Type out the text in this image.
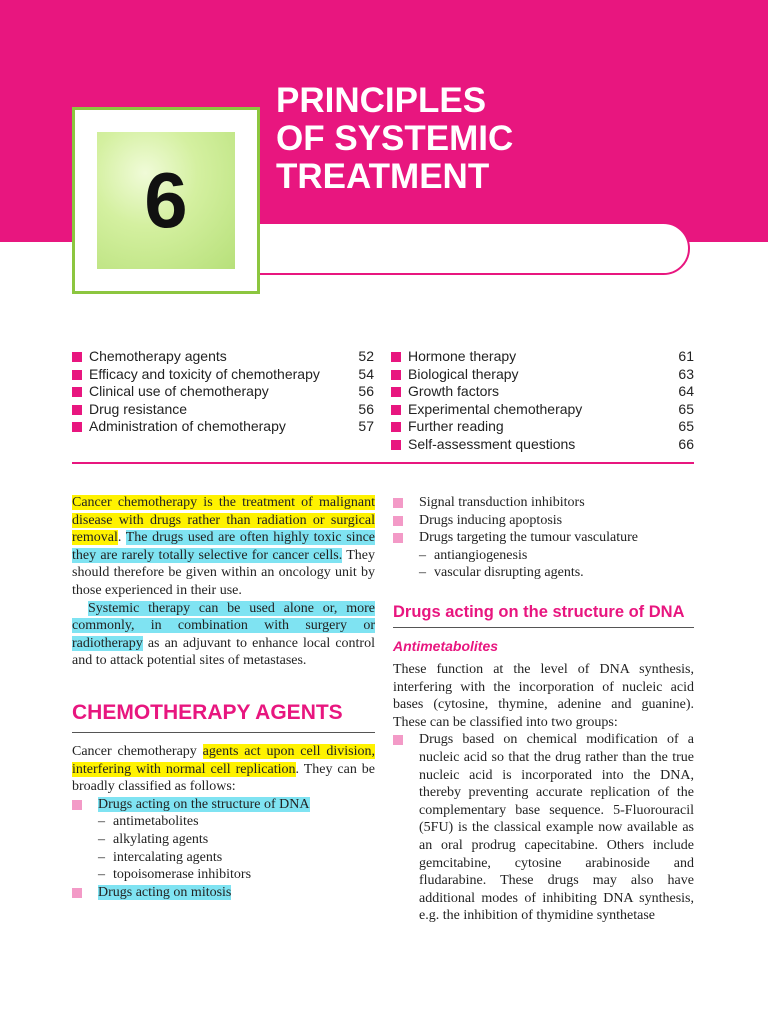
6
PRINCIPLES
OF SYSTEMIC
TREATMENT
Chemotherapy agents	52
Efficacy and toxicity of chemotherapy	54
Clinical use of chemotherapy	56
Drug resistance	56
Administration of chemotherapy	57
Hormone therapy	61
Biological therapy	63
Growth factors	64
Experimental chemotherapy	65
Further reading	65
Self-assessment questions	66

Cancer chemotherapy is the treatment of malignant disease with drugs rather than radiation or surgical removal. The drugs used are often highly toxic since they are rarely totally selective for cancer cells. They should therefore be given within an oncology unit by those experienced in their use.

Systemic therapy can be used alone or, more commonly, in combination with surgery or radiotherapy as an adjuvant to enhance local control and to attack potential sites of metastases.

CHEMOTHERAPY AGENTS

Cancer chemotherapy agents act upon cell division, interfering with normal cell replication. They can be broadly classified as follows:

Drugs acting on the structure of DNA
– antimetabolites
– alkylating agents
– intercalating agents
– topoisomerase inhibitors
Drugs acting on mitosis
Signal transduction inhibitors
Drugs inducing apoptosis
Drugs targeting the tumour vasculature
– antiangiogenesis
– vascular disrupting agents.
Drugs acting on the structure of DNA
Antimetabolites

These function at the level of DNA synthesis, interfering with the incorporation of nucleic acid bases (cytosine, thymine, adenine and guanine). These can be classified into two groups:

Drugs based on chemical modification of a nucleic acid so that the drug rather than the true nucleic acid is incorporated into the DNA, thereby preventing accurate replication of the complementary base sequence. 5-Fluorouracil (5FU) is the classical example now available as an oral prodrug capecitabine. Others include gemcitabine, cytosine arabinoside and fludarabine. These drugs may also have additional modes of inhibiting DNA synthesis, e.g. the inhibition of thymidine synthetase
